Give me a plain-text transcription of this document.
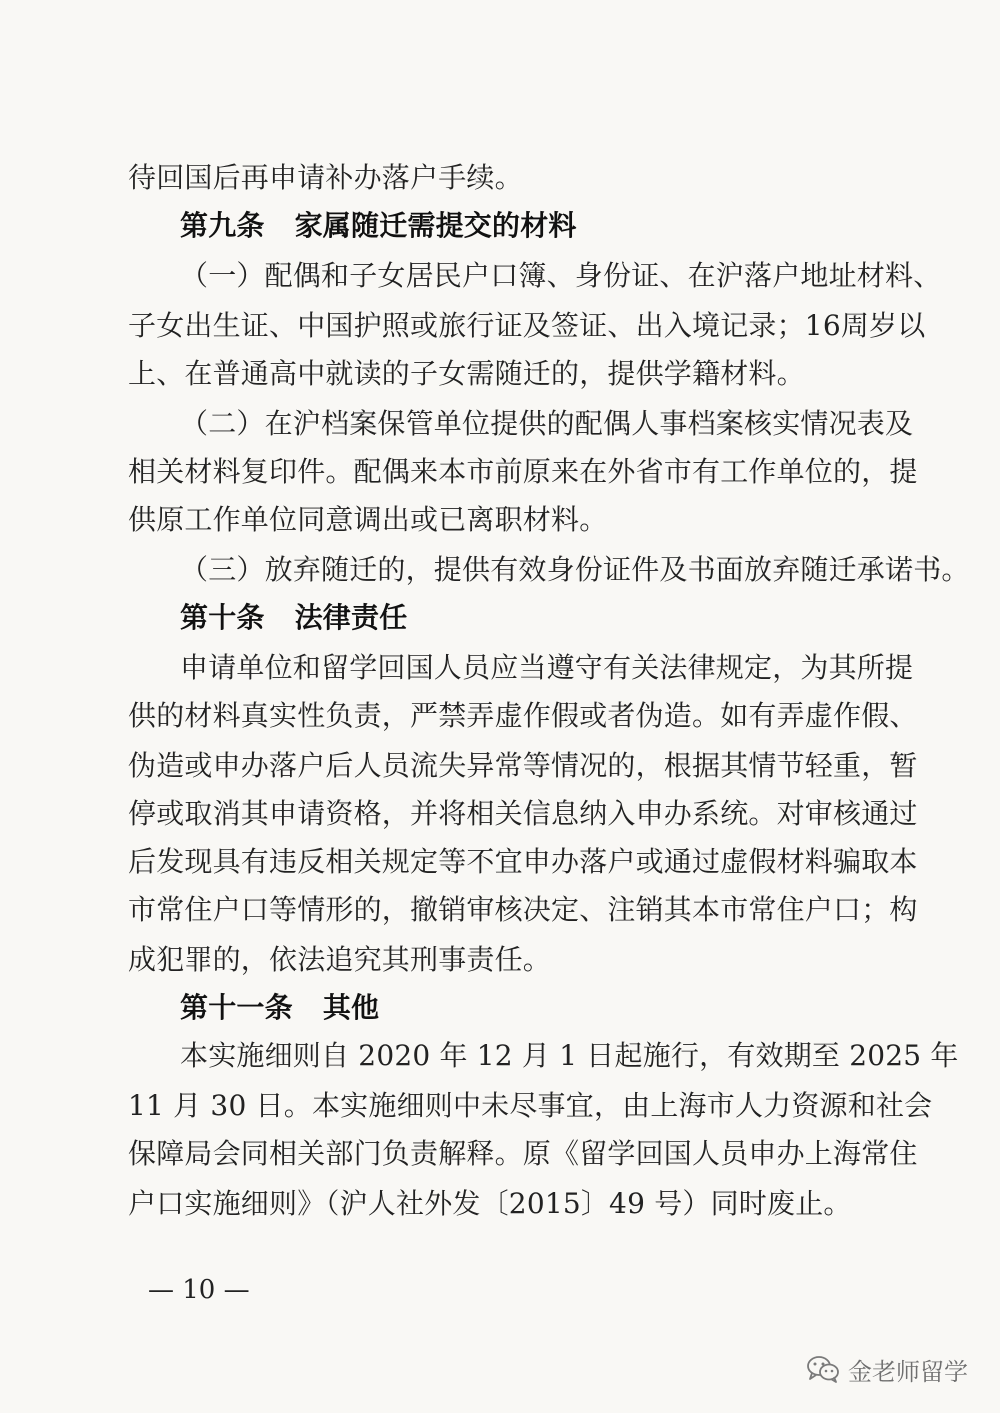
待回国后再申请补办落户手续。
第九条 家属随迁需提交的材料
（一）配偶和子女居民户口簿、身份证、在沪落户地址材料、
子女出生证、中国护照或旅行证及签证、出入境记录；16周岁以
上、在普通高中就读的子女需随迁的，提供学籍材料。
（二）在沪档案保管单位提供的配偶人事档案核实情况表及
相关材料复印件。配偶来本市前原来在外省市有工作单位的，提
供原工作单位同意调出或已离职材料。
（三）放弃随迁的，提供有效身份证件及书面放弃随迁承诺书。
第十条 法律责任
申请单位和留学回国人员应当遵守有关法律规定，为其所提
供的材料真实性负责，严禁弄虚作假或者伪造。如有弄虚作假、
伪造或申办落户后人员流失异常等情况的，根据其情节轻重，暂
停或取消其申请资格，并将相关信息纳入申办系统。对审核通过
后发现具有违反相关规定等不宜申办落户或通过虚假材料骗取本
市常住户口等情形的，撤销审核决定、注销其本市常住户口；构
成犯罪的，依法追究其刑事责任。
第十一条 其他
本实施细则自 2020 年 12 月 1 日起施行，有效期至 2025 年
11 月 30 日。本实施细则中未尽事宜，由上海市人力资源和社会
保障局会同相关部门负责解释。原《留学回国人员申办上海常住
户口实施细则》（沪人社外发〔2015〕49 号）同时废止。
— 10 —
金老师留学
